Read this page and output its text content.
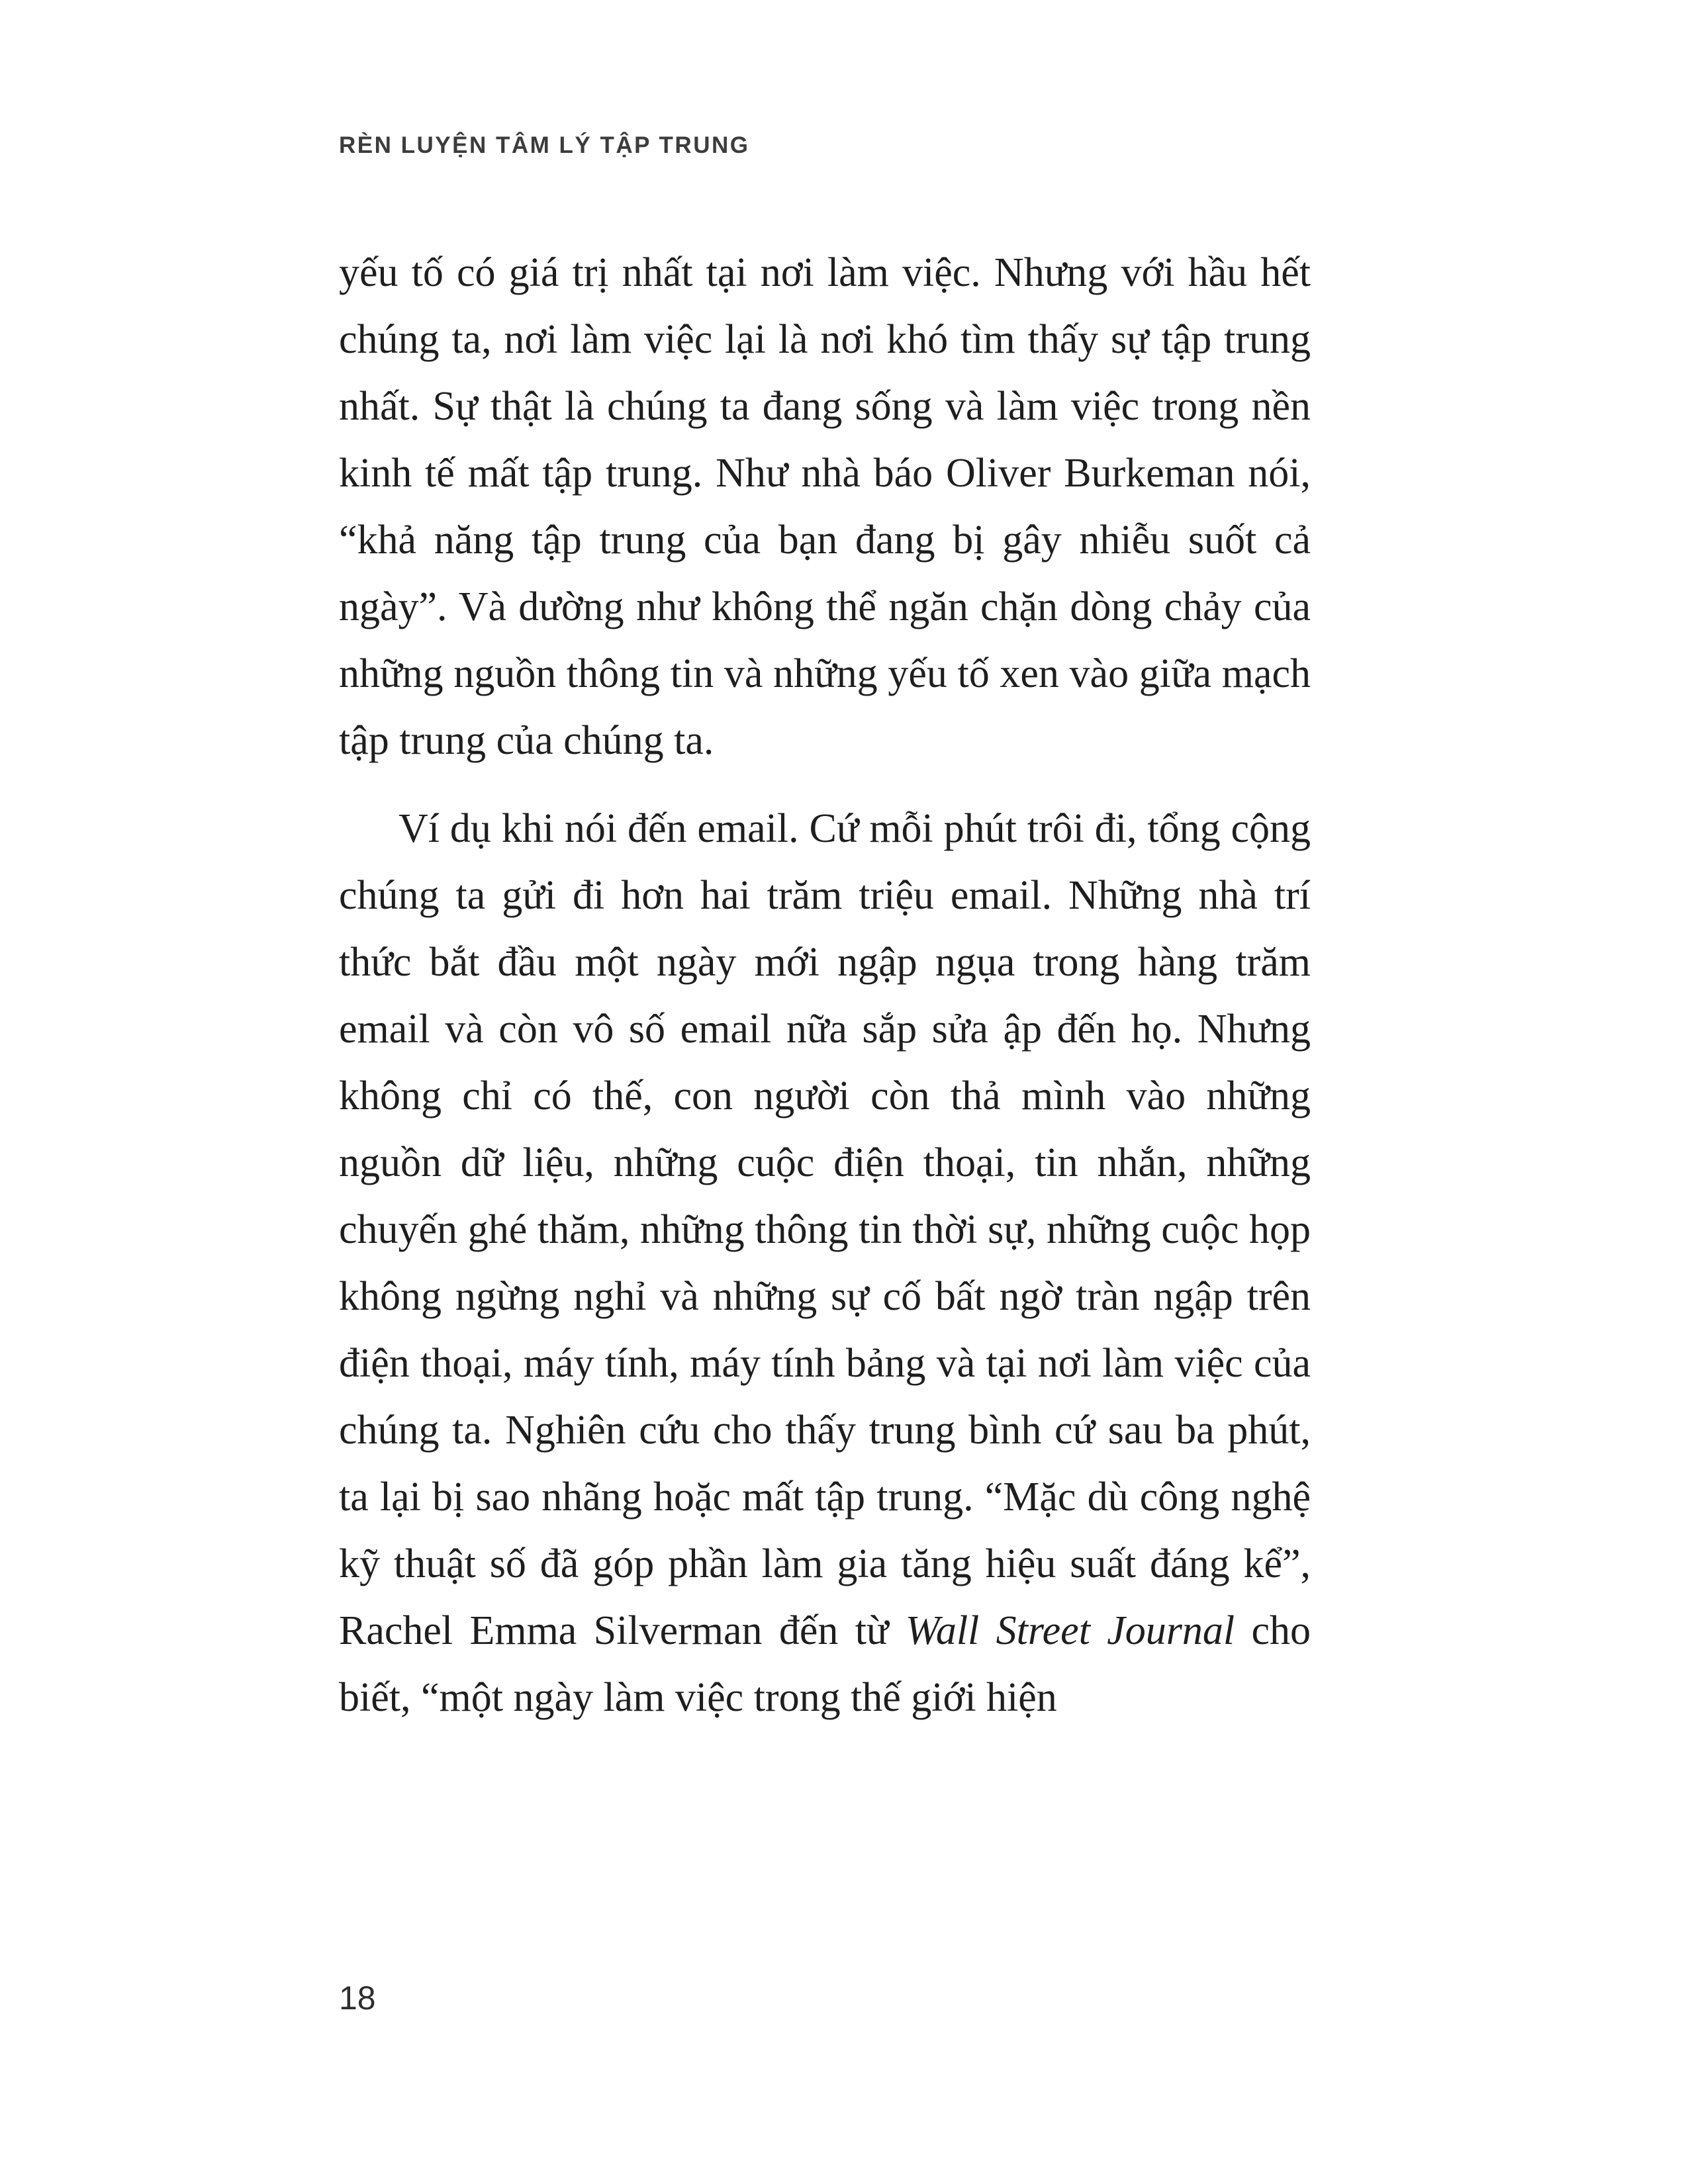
RÈN LUYỆN TÂM LÝ TẬP TRUNG

yếu tố có giá trị nhất tại nơi làm việc. Nhưng với hầu hết chúng ta, nơi làm việc lại là nơi khó tìm thấy sự tập trung nhất. Sự thật là chúng ta đang sống và làm việc trong nền kinh tế mất tập trung. Như nhà báo Oliver Burkeman nói, “khả năng tập trung của bạn đang bị gây nhiễu suốt cả ngày”. Và dường như không thể ngăn chặn dòng chảy của những nguồn thông tin và những yếu tố xen vào giữa mạch tập trung của chúng ta.

Ví dụ khi nói đến email. Cứ mỗi phút trôi đi, tổng cộng chúng ta gửi đi hơn hai trăm triệu email. Những nhà trí thức bắt đầu một ngày mới ngập ngụa trong hàng trăm email và còn vô số email nữa sắp sửa ập đến họ. Nhưng không chỉ có thế, con người còn thả mình vào những nguồn dữ liệu, những cuộc điện thoại, tin nhắn, những chuyến ghé thăm, những thông tin thời sự, những cuộc họp không ngừng nghỉ và những sự cố bất ngờ tràn ngập trên điện thoại, máy tính, máy tính bảng và tại nơi làm việc của chúng ta. Nghiên cứu cho thấy trung bình cứ sau ba phút, ta lại bị sao nhãng hoặc mất tập trung. “Mặc dù công nghệ kỹ thuật số đã góp phần làm gia tăng hiệu suất đáng kể”, Rachel Emma Silverman đến từ Wall Street Journal cho biết, “một ngày làm việc trong thế giới hiện

18
